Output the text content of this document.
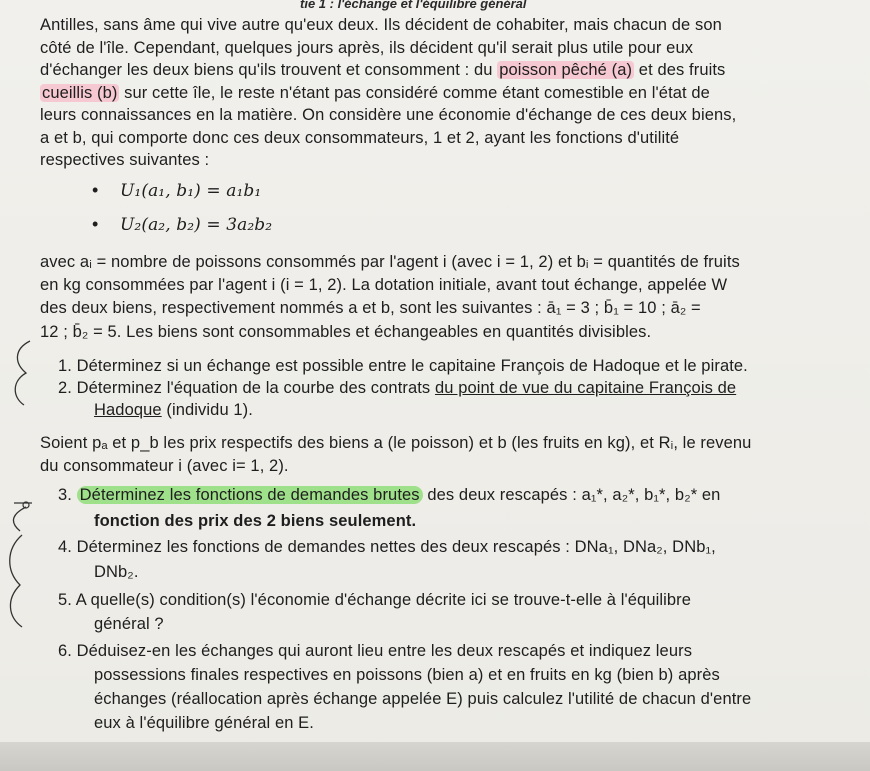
tie 1 : l'échange et l'équilibre général
Antilles, sans âme qui vive autre qu'eux deux. Ils décident de cohabiter, mais chacun de son
côté de l'île. Cependant, quelques jours après, ils décident qu'il serait plus utile pour eux
d'échanger les deux biens qu'ils trouvent et consomment : du poisson pêché (a) et des fruits
cueillis (b) sur cette île, le reste n'étant pas considéré comme étant comestible en l'état de
leurs connaissances en la matière. On considère une économie d'échange de ces deux biens,
a et b, qui comporte donc ces deux consommateurs, 1 et 2, ayant les fonctions d'utilité
respectives suivantes :
• U₁(a₁, b₁) = a₁b₁
• U₂(a₂, b₂) = 3a₂b₂
avec aᵢ = nombre de poissons consommés par l'agent i (avec i = 1, 2) et bᵢ = quantités de fruits
en kg consommées par l'agent i (i = 1, 2). La dotation initiale, avant tout échange, appelée W
des deux biens, respectivement nommés a et b, sont les suivantes : ā₁ = 3 ; b̄₁ = 10 ; ā₂ =
12 ; b̄₂ = 5. Les biens sont consommables et échangeables en quantités divisibles.
1. Déterminez si un échange est possible entre le capitaine François de Hadoque et le pirate.
2. Déterminez l'équation de la courbe des contrats du point de vue du capitaine François de
Hadoque (individu 1).
Soient pₐ et p_b les prix respectifs des biens a (le poisson) et b (les fruits en kg), et Rᵢ, le revenu
du consommateur i (avec i= 1, 2).
3. Déterminez les fonctions de demandes brutes des deux rescapés : a₁*, a₂*, b₁*, b₂* en
fonction des prix des 2 biens seulement.
4. Déterminez les fonctions de demandes nettes des deux rescapés : DNa₁, DNa₂, DNb₁,
DNb₂.
5. A quelle(s) condition(s) l'économie d'échange décrite ici se trouve-t-elle à l'équilibre
général ?
6. Déduisez-en les échanges qui auront lieu entre les deux rescapés et indiquez leurs
possessions finales respectives en poissons (bien a) et en fruits en kg (bien b) après
échanges (réallocation après échange appelée E) puis calculez l'utilité de chacun d'entre
eux à l'équilibre général en E.
